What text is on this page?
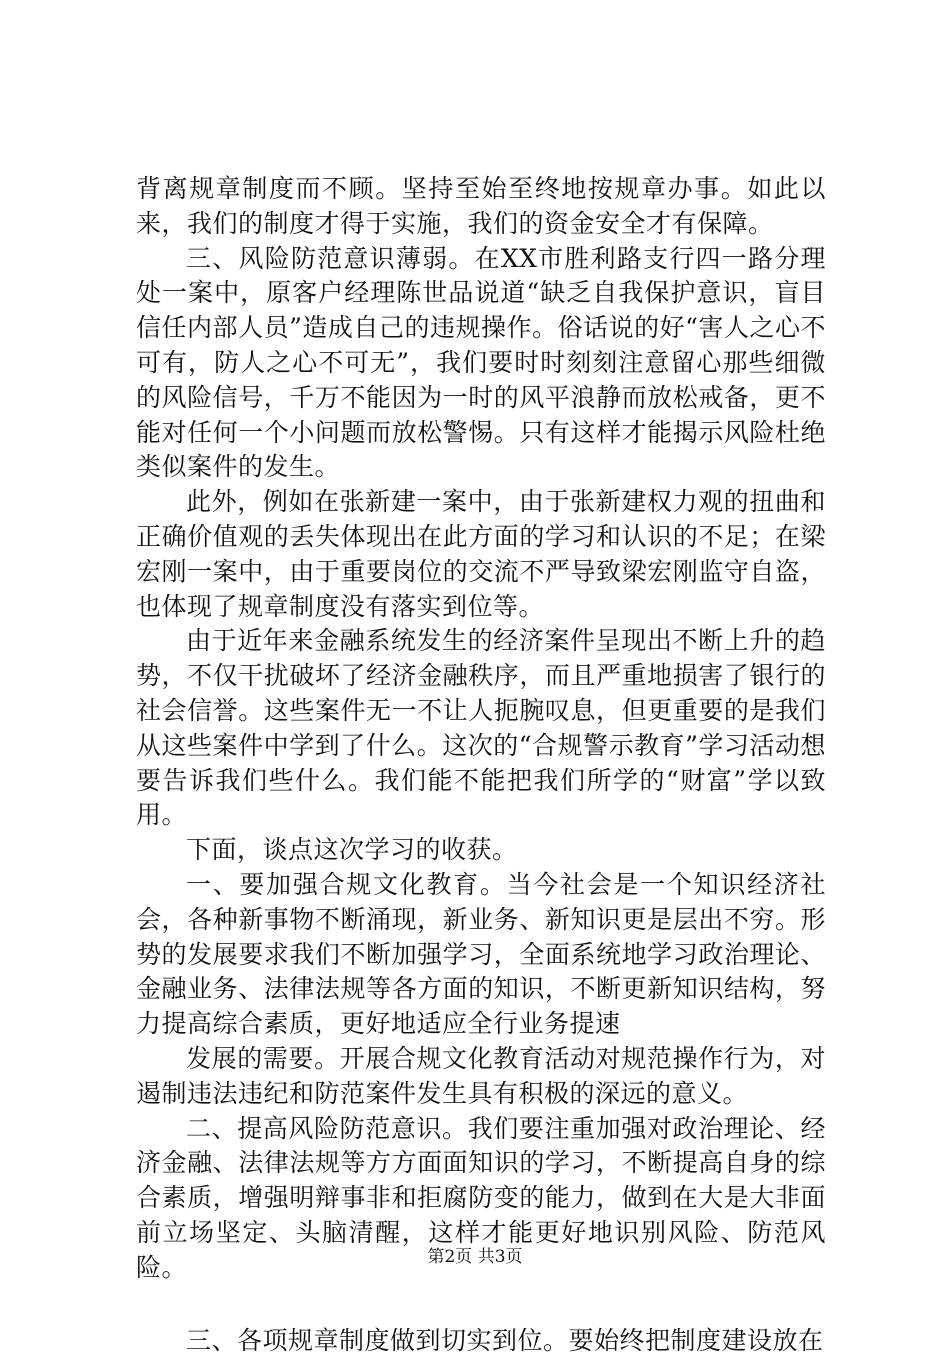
背离规章制度而不顾。坚持至始至终地按规章办事。如此以来，我们的制度才得于实施，我们的资金安全才有保障。

三、风险防范意识薄弱。在XX市胜利路支行四一路分理处一案中，原客户经理陈世品说道“缺乏自我保护意识，盲目信任内部人员”造成自己的违规操作。俗话说的好“害人之心不可有，防人之心不可无”，我们要时时刻刻注意留心那些细微的风险信号，千万不能因为一时的风平浪静而放松戒备，更不能对任何一个小问题而放松警惕。只有这样才能揭示风险杜绝类似案件的发生。

此外，例如在张新建一案中，由于张新建权力观的扭曲和正确价值观的丢失体现出在此方面的学习和认识的不足；在梁宏刚一案中，由于重要岗位的交流不严导致梁宏刚监守自盗，也体现了规章制度没有落实到位等。

由于近年来金融系统发生的经济案件呈现出不断上升的趋势，不仅干扰破坏了经济金融秩序，而且严重地损害了银行的社会信誉。这些案件无一不让人扼腕叹息，但更重要的是我们从这些案件中学到了什么。这次的“合规警示教育”学习活动想要告诉我们些什么。我们能不能把我们所学的“财富”学以致用。

下面，谈点这次学习的收获。

一、要加强合规文化教育。当今社会是一个知识经济社会，各种新事物不断涌现，新业务、新知识更是层出不穷。形势的发展要求我们不断加强学习，全面系统地学习政治理论、金融业务、法律法规等各方面的知识，不断更新知识结构，努力提高综合素质，更好地适应全行业务提速

发展的需要。开展合规文化教育活动对规范操作行为，对遏制违法违纪和防范案件发生具有积极的深远的意义。

二、提高风险防范意识。我们要注重加强对政治理论、经济金融、法律法规等方方面面知识的学习，不断提高自身的综合素质，增强明辩事非和拒腐防变的能力，做到在大是大非面前立场坚定、头脑清醒，这样才能更好地识别风险、防范风险。

三、各项规章制度做到切实到位。要始终把制度建设放在

第2页 共3页
